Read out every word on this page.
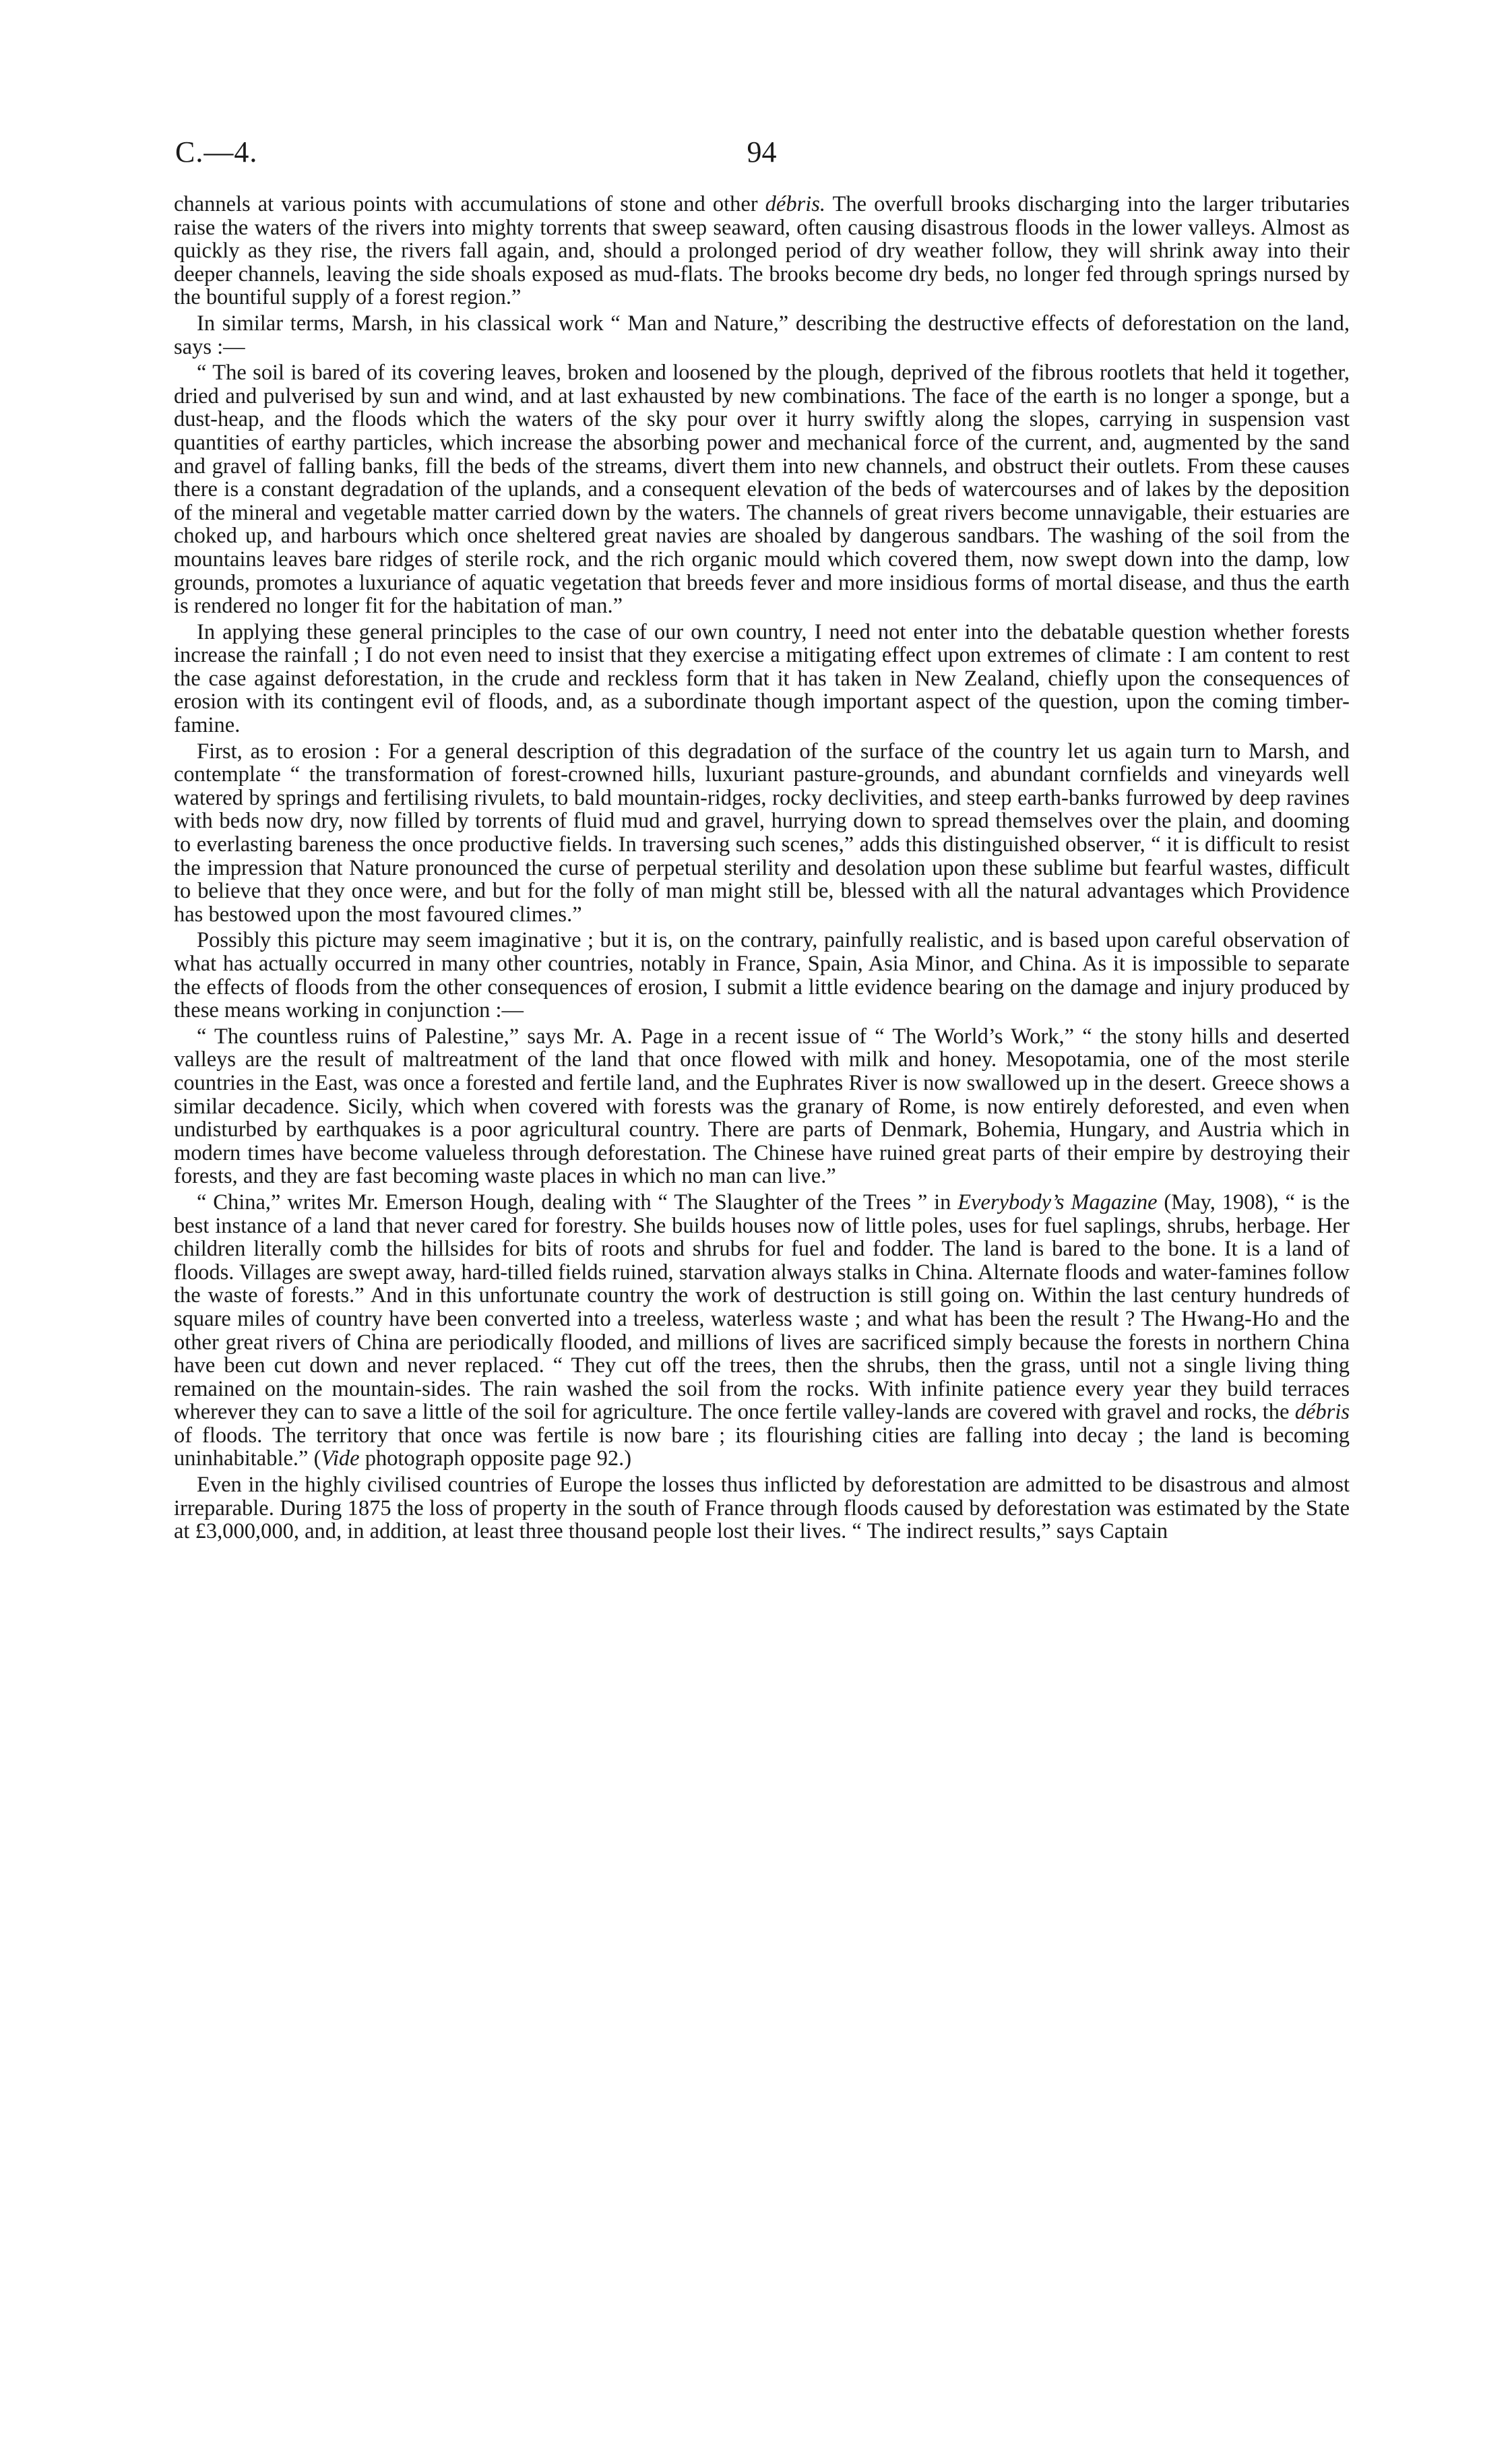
C.—4.	94

channels at various points with accumulations of stone and other débris. The overfull brooks discharging into the larger tributaries raise the waters of the rivers into mighty torrents that sweep seaward, often causing disastrous floods in the lower valleys. Almost as quickly as they rise, the rivers fall again, and, should a prolonged period of dry weather follow, they will shrink away into their deeper channels, leaving the side shoals exposed as mud-flats. The brooks become dry beds, no longer fed through springs nursed by the bountiful supply of a forest region.”

In similar terms, Marsh, in his classical work “ Man and Nature,” describing the destructive effects of deforestation on the land, says :—

“ The soil is bared of its covering leaves, broken and loosened by the plough, deprived of the fibrous rootlets that held it together, dried and pulverised by sun and wind, and at last exhausted by new combinations. The face of the earth is no longer a sponge, but a dust-heap, and the floods which the waters of the sky pour over it hurry swiftly along the slopes, carrying in suspension vast quantities of earthy particles, which increase the absorbing power and mechanical force of the current, and, augmented by the sand and gravel of falling banks, fill the beds of the streams, divert them into new channels, and obstruct their outlets. From these causes there is a constant degradation of the uplands, and a consequent elevation of the beds of watercourses and of lakes by the deposition of the mineral and vegetable matter carried down by the waters. The channels of great rivers become unnavigable, their estuaries are choked up, and harbours which once sheltered great navies are shoaled by dangerous sandbars. The washing of the soil from the mountains leaves bare ridges of sterile rock, and the rich organic mould which covered them, now swept down into the damp, low grounds, promotes a luxuriance of aquatic vegetation that breeds fever and more insidious forms of mortal disease, and thus the earth is rendered no longer fit for the habitation of man.”

In applying these general principles to the case of our own country, I need not enter into the debatable question whether forests increase the rainfall ; I do not even need to insist that they exercise a mitigating effect upon extremes of climate : I am content to rest the case against deforestation, in the crude and reckless form that it has taken in New Zealand, chiefly upon the consequences of erosion with its contingent evil of floods, and, as a subordinate though important aspect of the question, upon the coming timber-famine.

First, as to erosion : For a general description of this degradation of the surface of the country let us again turn to Marsh, and contemplate “ the transformation of forest-crowned hills, luxuriant pasture-grounds, and abundant cornfields and vineyards well watered by springs and fertilising rivulets, to bald mountain-ridges, rocky declivities, and steep earth-banks furrowed by deep ravines with beds now dry, now filled by torrents of fluid mud and gravel, hurrying down to spread themselves over the plain, and dooming to everlasting bareness the once productive fields. In traversing such scenes,” adds this distinguished observer, “ it is difficult to resist the impression that Nature pronounced the curse of perpetual sterility and desolation upon these sublime but fearful wastes, difficult to believe that they once were, and but for the folly of man might still be, blessed with all the natural advantages which Providence has bestowed upon the most favoured climes.”

Possibly this picture may seem imaginative ; but it is, on the contrary, painfully realistic, and is based upon careful observation of what has actually occurred in many other countries, notably in France, Spain, Asia Minor, and China. As it is impossible to separate the effects of floods from the other consequences of erosion, I submit a little evidence bearing on the damage and injury produced by these means working in conjunction :—

“ The countless ruins of Palestine,” says Mr. A. Page in a recent issue of “ The World’s Work,” “ the stony hills and deserted valleys are the result of maltreatment of the land that once flowed with milk and honey. Mesopotamia, one of the most sterile countries in the East, was once a forested and fertile land, and the Euphrates River is now swallowed up in the desert. Greece shows a similar decadence. Sicily, which when covered with forests was the granary of Rome, is now entirely deforested, and even when undisturbed by earthquakes is a poor agricultural country. There are parts of Denmark, Bohemia, Hungary, and Austria which in modern times have become valueless through deforestation. The Chinese have ruined great parts of their empire by destroying their forests, and they are fast becoming waste places in which no man can live.”

“ China,” writes Mr. Emerson Hough, dealing with “ The Slaughter of the Trees ” in Everybody’s Magazine (May, 1908), “ is the best instance of a land that never cared for forestry. She builds houses now of little poles, uses for fuel saplings, shrubs, herbage. Her children literally comb the hillsides for bits of roots and shrubs for fuel and fodder. The land is bared to the bone. It is a land of floods. Villages are swept away, hard-tilled fields ruined, starvation always stalks in China. Alternate floods and water-famines follow the waste of forests.” And in this unfortunate country the work of destruction is still going on. Within the last century hundreds of square miles of country have been converted into a treeless, waterless waste ; and what has been the result ? The Hwang-Ho and the other great rivers of China are periodically flooded, and millions of lives are sacrificed simply because the forests in northern China have been cut down and never replaced. “ They cut off the trees, then the shrubs, then the grass, until not a single living thing remained on the mountain-sides. The rain washed the soil from the rocks. With infinite patience every year they build terraces wherever they can to save a little of the soil for agriculture. The once fertile valley-lands are covered with gravel and rocks, the débris of floods. The territory that once was fertile is now bare ; its flourishing cities are falling into decay ; the land is becoming uninhabitable.” (Vide photograph opposite page 92.)

Even in the highly civilised countries of Europe the losses thus inflicted by deforestation are admitted to be disastrous and almost irreparable. During 1875 the loss of property in the south of France through floods caused by deforestation was estimated by the State at £3,000,000, and, in addition, at least three thousand people lost their lives. “ The indirect results,” says Captain
